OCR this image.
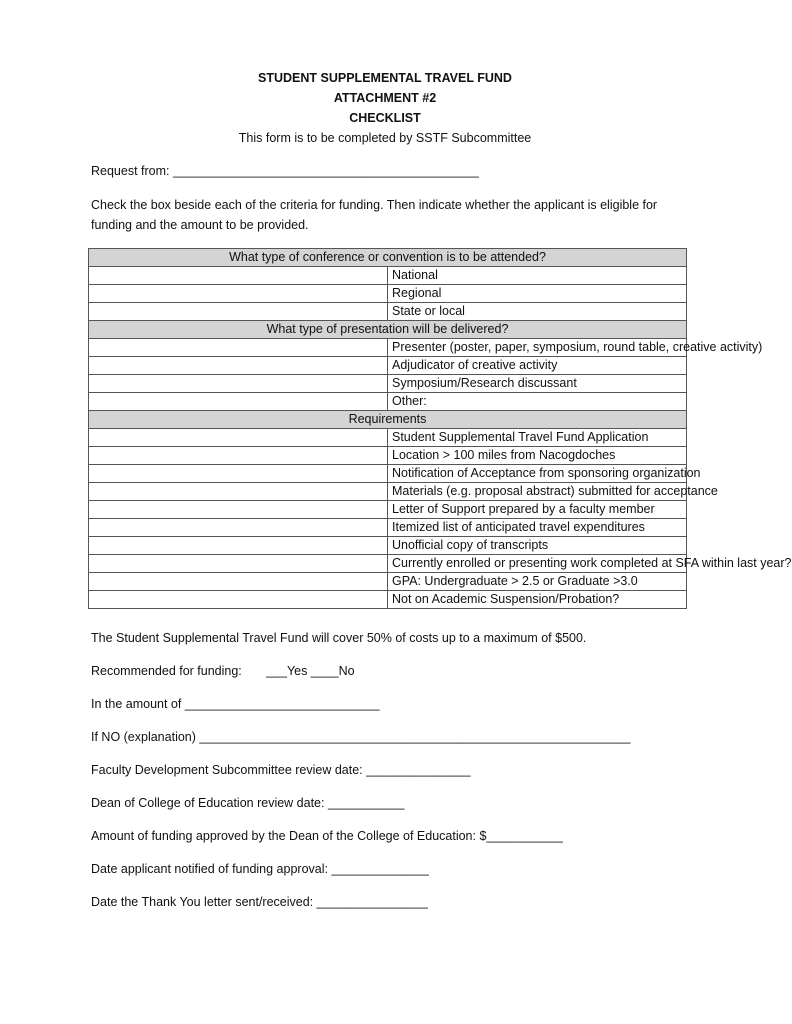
STUDENT SUPPLEMENTAL TRAVEL FUND
ATTACHMENT #2
CHECKLIST
This form is to be completed by SSTF Subcommittee
Request from: ____________________________________________
Check the box beside each of the criteria for funding. Then indicate whether the applicant is eligible for funding and the amount to be provided.
What type of conference or convention is to be attended?	
	National
	Regional
	State or local
What type of presentation will be delivered?	
	Presenter (poster, paper, symposium, round table, creative activity)
	Adjudicator of creative activity
	Symposium/Research discussant
	Other:
Requirements	
	Student Supplemental Travel Fund Application
	Location > 100 miles from Nacogdoches
	Notification of Acceptance from sponsoring organization
	Materials (e.g. proposal abstract) submitted for acceptance
	Letter of Support prepared by a faculty member
	Itemized list of anticipated travel expenditures
	Unofficial copy of transcripts
	Currently enrolled or presenting work completed at SFA within last year?
	GPA: Undergraduate > 2.5 or Graduate >3.0
	Not on Academic Suspension/Probation?
The Student Supplemental Travel Fund will cover 50% of costs up to a maximum of $500.
Recommended for funding:       ___Yes ____No
In the amount of ____________________________
If NO (explanation) ______________________________________________________________
Faculty Development Subcommittee review date: _______________
Dean of College of Education review date: ___________
Amount of funding approved by the Dean of the College of Education: $___________
Date applicant notified of funding approval: ______________
Date the Thank You letter sent/received: ________________
